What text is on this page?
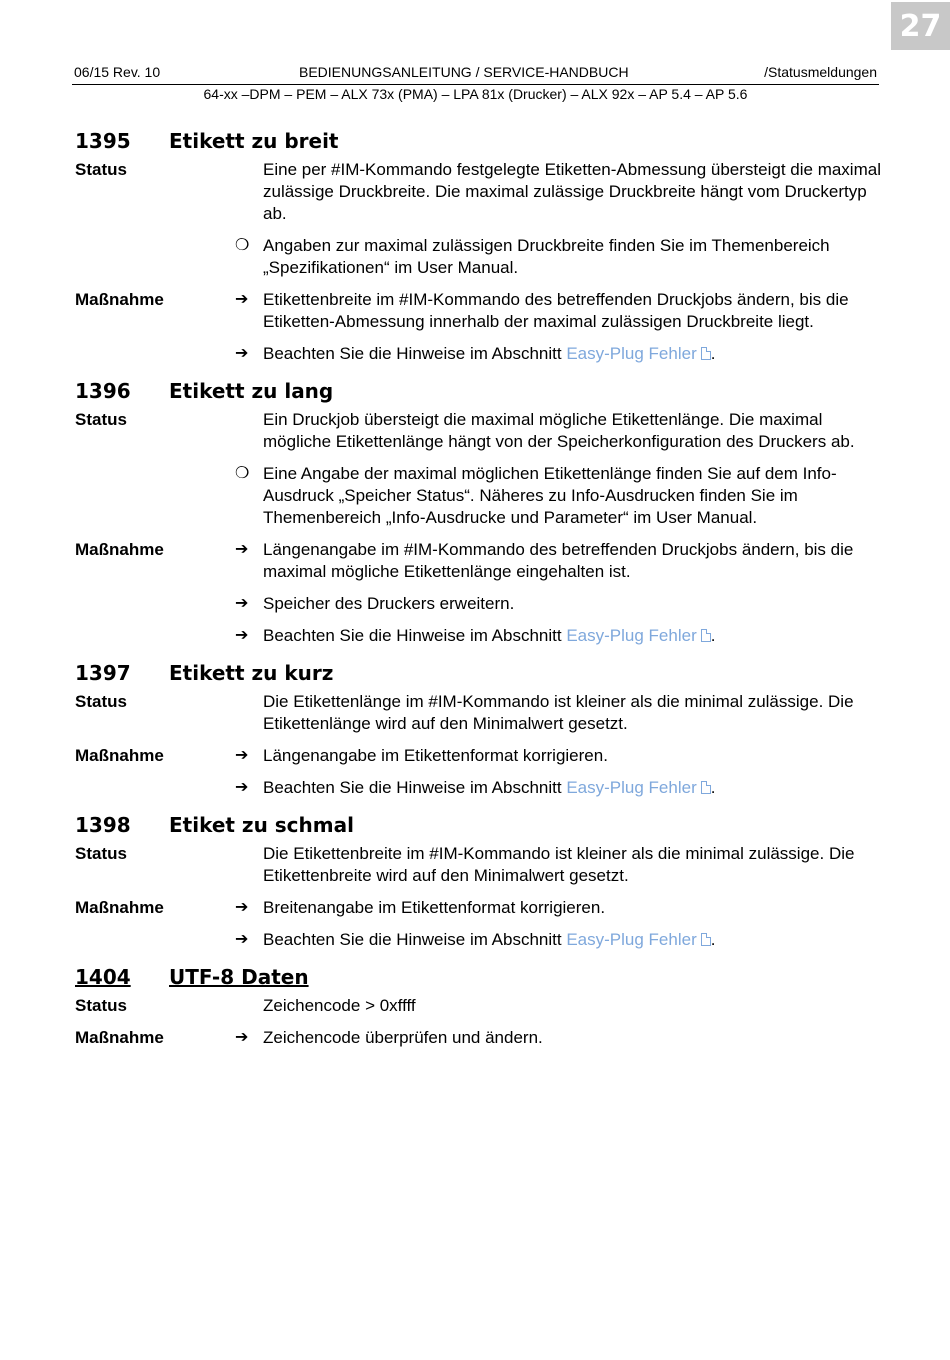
27
06/15 Rev. 10	BEDIENUNGSANLEITUNG / SERVICE-HANDBUCH	/Statusmeldungen
64-xx –DPM – PEM – ALX 73x (PMA) – LPA 81x (Drucker) – ALX 92x – AP 5.4 – AP 5.6
1395	Etikett zu breit
Status	Eine per #IM-Kommando festgelegte Etiketten-Abmessung übersteigt die maximal zulässige Druckbreite. Die maximal zulässige Druckbreite hängt vom Druckertyp ab.
❍ Angaben zur maximal zulässigen Druckbreite finden Sie im Themenbereich „Spezifikationen“ im User Manual.
Maßnahme	➔ Etikettenbreite im #IM-Kommando des betreffenden Druckjobs ändern, bis die Etiketten-Abmessung innerhalb der maximal zulässigen Druckbreite liegt.
➔ Beachten Sie die Hinweise im Abschnitt Easy-Plug Fehler .
1396	Etikett zu lang
Status	Ein Druckjob übersteigt die maximal mögliche Etikettenlänge. Die maximal mögliche Etikettenlänge hängt von der Speicherkonfiguration des Druckers ab.
❍ Eine Angabe der maximal möglichen Etikettenlänge finden Sie auf dem Info-Ausdruck „Speicher Status“. Näheres zu Info-Ausdrucken finden Sie im Themenbereich „Info-Ausdrucke und Parameter“ im User Manual.
Maßnahme	➔ Längenangabe im #IM-Kommando des betreffenden Druckjobs ändern, bis die maximal mögliche Etikettenlänge eingehalten ist.
➔ Speicher des Druckers erweitern.
➔ Beachten Sie die Hinweise im Abschnitt Easy-Plug Fehler .
1397	Etikett zu kurz
Status	Die Etikettenlänge im #IM-Kommando ist kleiner als die minimal zulässige. Die Etikettenlänge wird auf den Minimalwert gesetzt.
Maßnahme	➔ Längenangabe im Etikettenformat korrigieren.
➔ Beachten Sie die Hinweise im Abschnitt Easy-Plug Fehler .
1398	Etiket zu schmal
Status	Die Etikettenbreite im #IM-Kommando ist kleiner als die minimal zulässige. Die Etikettenbreite wird auf den Minimalwert gesetzt.
Maßnahme	➔ Breitenangabe im Etikettenformat korrigieren.
➔ Beachten Sie die Hinweise im Abschnitt Easy-Plug Fehler .
1404	UTF-8 Daten
Status	Zeichencode > 0xffff
Maßnahme	➔ Zeichencode überprüfen und ändern.
